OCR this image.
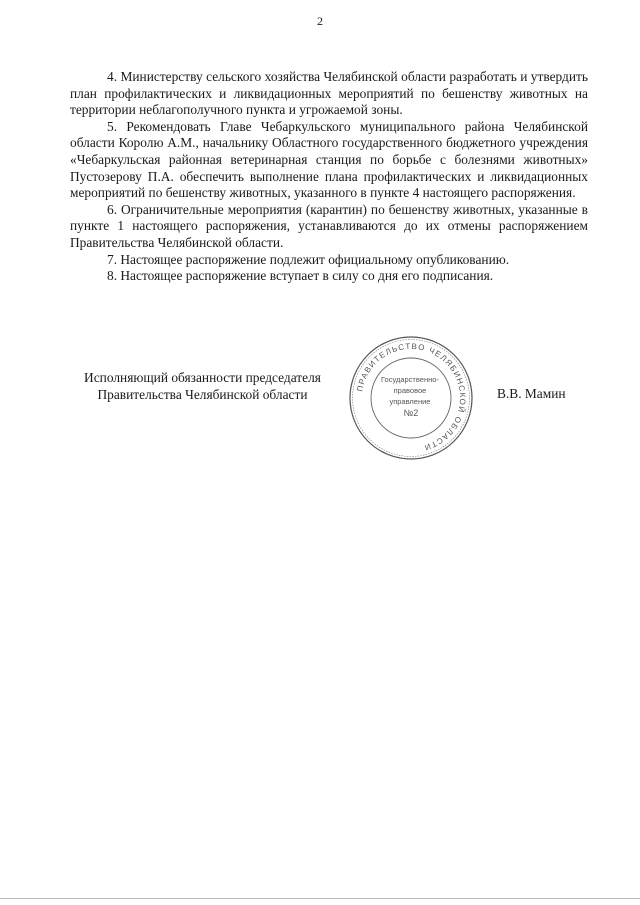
2

4. Министерству сельского хозяйства Челябинской области разработать и утвердить план профилактических и ликвидационных мероприятий по бешенству животных на территории неблагополучного пункта и угрожаемой зоны.

5. Рекомендовать Главе Чебаркульского муниципального района Челябинской области Королю А.М., начальнику Областного государственного бюджетного учреждения «Чебаркульская районная ветеринарная станция по борьбе с болезнями животных» Пустозерову П.А. обеспечить выполнение плана профилактических и ликвидационных мероприятий по бешенству животных, указанного в пункте 4 настоящего распоряжения.

6. Ограничительные мероприятия (карантин) по бешенству животных, указанные в пункте 1 настоящего распоряжения, устанавливаются до их отмены распоряжением Правительства Челябинской области.

7. Настоящее распоряжение подлежит официальному опубликованию.

8. Настоящее распоряжение вступает в силу со дня его подписания.

Исполняющий обязанности председателя
Правительства Челябинской области	ПРАВИТЕЛЬСТВО ЧЕЛЯБИНСКОЙ ОБЛАСТИ
Государственно- правовое управление №2
В.В. Мамин
